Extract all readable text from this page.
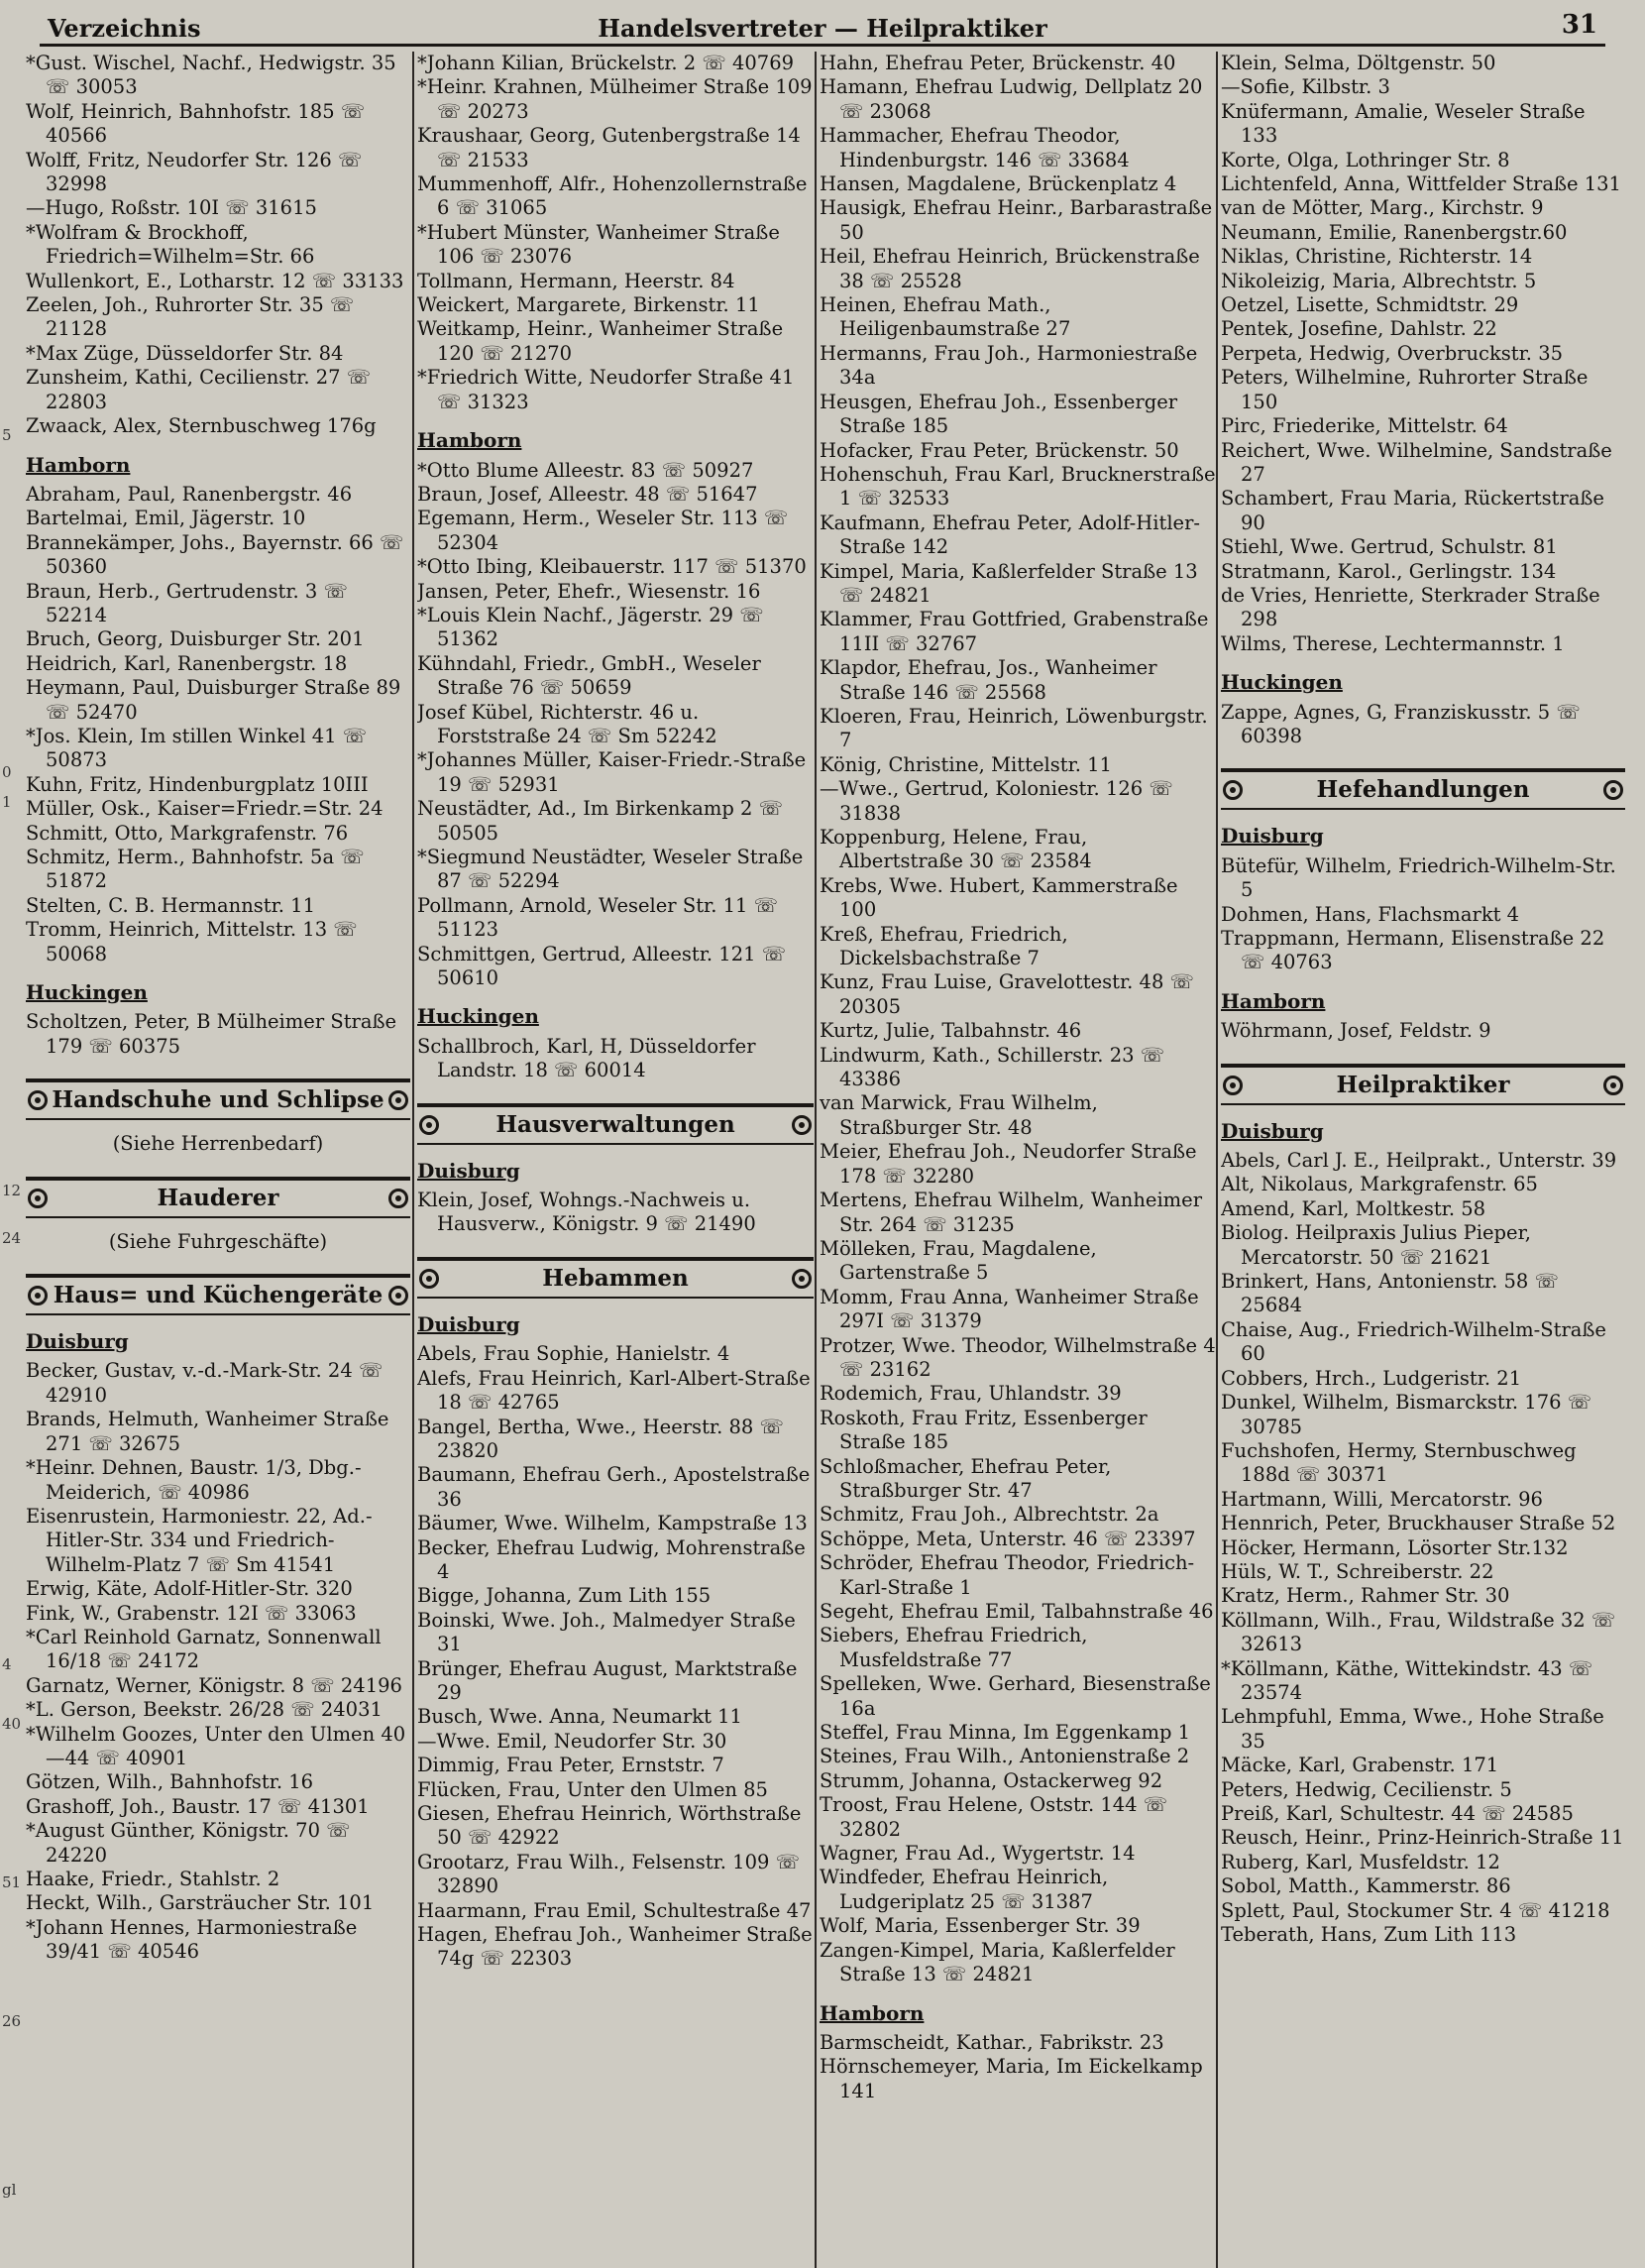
5
0
1
12
24
4
40
51
26
gl
Handelsvertreter — Heilpraktiker
Verzeichnis	31
*Gust. Wischel, Nachf., Hedwigstr. 35 ☏ 30053
Wolf, Heinrich, Bahnhofstr. 185 ☏ 40566
Wolff, Fritz, Neudorfer Str. 126 ☏ 32998
—Hugo, Roßstr. 10I ☏ 31615
*Wolfram & Brockhoff, Friedrich=Wilhelm=Str. 66
Wullenkort, E., Lotharstr. 12 ☏ 33133
Zeelen, Joh., Ruhrorter Str. 35 ☏ 21128
*Max Züge, Düsseldorfer Str. 84
Zunsheim, Kathi, Cecilienstr. 27 ☏ 22803
Zwaack, Alex, Sternbuschweg 176g
Hamborn
Abraham, Paul, Ranenbergstr. 46
Bartelmai, Emil, Jägerstr. 10
Brannekämper, Johs., Bayernstr. 66 ☏ 50360
Braun, Herb., Gertrudenstr. 3 ☏ 52214
Bruch, Georg, Duisburger Str. 201
Heidrich, Karl, Ranenbergstr. 18
Heymann, Paul, Duisburger Straße 89 ☏ 52470
*Jos. Klein, Im stillen Winkel 41 ☏ 50873
Kuhn, Fritz, Hindenburgplatz 10III
Müller, Osk., Kaiser=Friedr.=Str. 24
Schmitt, Otto, Markgrafenstr. 76
Schmitz, Herm., Bahnhofstr. 5a ☏ 51872
Stelten, C. B. Hermannstr. 11
Tromm, Heinrich, Mittelstr. 13 ☏ 50068
Huckingen
Scholtzen, Peter, B Mülheimer Straße 179 ☏ 60375
Handschuhe und Schlipse
(Siehe Herrenbedarf)
Hauderer
(Siehe Fuhrgeschäfte)
Haus= und Küchengeräte
Duisburg
Becker, Gustav, v.-d.-Mark-Str. 24 ☏ 42910
Brands, Helmuth, Wanheimer Straße 271 ☏ 32675
*Heinr. Dehnen, Baustr. 1/3, Dbg.-Meiderich, ☏ 40986
Eisenrustein, Harmoniestr. 22, Ad.-Hitler-Str. 334 und Friedrich-Wilhelm-Platz 7 ☏ Sm 41541
Erwig, Käte, Adolf-Hitler-Str. 320
Fink, W., Grabenstr. 12I ☏ 33063
*Carl Reinhold Garnatz, Sonnenwall 16/18 ☏ 24172
Garnatz, Werner, Königstr. 8 ☏ 24196
*L. Gerson, Beekstr. 26/28 ☏ 24031
*Wilhelm Goozes, Unter den Ulmen 40—44 ☏ 40901
Götzen, Wilh., Bahnhofstr. 16
Grashoff, Joh., Baustr. 17 ☏ 41301
*August Günther, Königstr. 70 ☏ 24220
Haake, Friedr., Stahlstr. 2
Heckt, Wilh., Garsträucher Str. 101
*Johann Hennes, Harmoniestraße 39/41 ☏ 40546
*Johann Kilian, Brückelstr. 2 ☏ 40769
*Heinr. Krahnen, Mülheimer Straße 109 ☏ 20273
Kraushaar, Georg, Gutenbergstraße 14 ☏ 21533
Mummenhoff, Alfr., Hohenzollernstraße 6 ☏ 31065
*Hubert Münster, Wanheimer Straße 106 ☏ 23076
Tollmann, Hermann, Heerstr. 84
Weickert, Margarete, Birkenstr. 11
Weitkamp, Heinr., Wanheimer Straße 120 ☏ 21270
*Friedrich Witte, Neudorfer Straße 41 ☏ 31323
Hamborn
*Otto Blume Alleestr. 83 ☏ 50927
Braun, Josef, Alleestr. 48 ☏ 51647
Egemann, Herm., Weseler Str. 113 ☏ 52304
*Otto Ibing, Kleibauerstr. 117 ☏ 51370
Jansen, Peter, Ehefr., Wiesenstr. 16
*Louis Klein Nachf., Jägerstr. 29 ☏ 51362
Kühndahl, Friedr., GmbH., Weseler Straße 76 ☏ 50659
Josef Kübel, Richterstr. 46 u. Forststraße 24 ☏ Sm 52242
*Johannes Müller, Kaiser-Friedr.-Straße 19 ☏ 52931
Neustädter, Ad., Im Birkenkamp 2 ☏ 50505
*Siegmund Neustädter, Weseler Straße 87 ☏ 52294
Pollmann, Arnold, Weseler Str. 11 ☏ 51123
Schmittgen, Gertrud, Alleestr. 121 ☏ 50610
Huckingen
Schallbroch, Karl, H, Düsseldorfer Landstr. 18 ☏ 60014
Hausverwaltungen
Duisburg
Klein, Josef, Wohngs.-Nachweis u. Hausverw., Königstr. 9 ☏ 21490
Hebammen
Duisburg
Abels, Frau Sophie, Hanielstr. 4
Alefs, Frau Heinrich, Karl-Albert-Straße 18 ☏ 42765
Bangel, Bertha, Wwe., Heerstr. 88 ☏ 23820
Baumann, Ehefrau Gerh., Apostelstraße 36
Bäumer, Wwe. Wilhelm, Kampstraße 13
Becker, Ehefrau Ludwig, Mohrenstraße 4
Bigge, Johanna, Zum Lith 155
Boinski, Wwe. Joh., Malmedyer Straße 31
Brünger, Ehefrau August, Marktstraße 29
Busch, Wwe. Anna, Neumarkt 11
—Wwe. Emil, Neudorfer Str. 30
Dimmig, Frau Peter, Ernststr. 7
Flücken, Frau, Unter den Ulmen 85
Giesen, Ehefrau Heinrich, Wörthstraße 50 ☏ 42922
Grootarz, Frau Wilh., Felsenstr. 109 ☏ 32890
Haarmann, Frau Emil, Schultestraße 47
Hagen, Ehefrau Joh., Wanheimer Straße 74g ☏ 22303
Hahn, Ehefrau Peter, Brückenstr. 40
Hamann, Ehefrau Ludwig, Dellplatz 20 ☏ 23068
Hammacher, Ehefrau Theodor, Hindenburgstr. 146 ☏ 33684
Hansen, Magdalene, Brückenplatz 4
Hausigk, Ehefrau Heinr., Barbarastraße 50
Heil, Ehefrau Heinrich, Brückenstraße 38 ☏ 25528
Heinen, Ehefrau Math., Heiligenbaumstraße 27
Hermanns, Frau Joh., Harmoniestraße 34a
Heusgen, Ehefrau Joh., Essenberger Straße 185
Hofacker, Frau Peter, Brückenstr. 50
Hohenschuh, Frau Karl, Brucknerstraße 1 ☏ 32533
Kaufmann, Ehefrau Peter, Adolf-Hitler-Straße 142
Kimpel, Maria, Kaßlerfelder Straße 13 ☏ 24821
Klammer, Frau Gottfried, Grabenstraße 11II ☏ 32767
Klapdor, Ehefrau, Jos., Wanheimer Straße 146 ☏ 25568
Kloeren, Frau, Heinrich, Löwenburgstr. 7
König, Christine, Mittelstr. 11
—Wwe., Gertrud, Koloniestr. 126 ☏ 31838
Koppenburg, Helene, Frau, Albertstraße 30 ☏ 23584
Krebs, Wwe. Hubert, Kammerstraße 100
Kreß, Ehefrau, Friedrich, Dickelsbachstraße 7
Kunz, Frau Luise, Gravelottestr. 48 ☏ 20305
Kurtz, Julie, Talbahnstr. 46
Lindwurm, Kath., Schillerstr. 23 ☏ 43386
van Marwick, Frau Wilhelm, Straßburger Str. 48
Meier, Ehefrau Joh., Neudorfer Straße 178 ☏ 32280
Mertens, Ehefrau Wilhelm, Wanheimer Str. 264 ☏ 31235
Mölleken, Frau, Magdalene, Gartenstraße 5
Momm, Frau Anna, Wanheimer Straße 297I ☏ 31379
Protzer, Wwe. Theodor, Wilhelmstraße 4 ☏ 23162
Rodemich, Frau, Uhlandstr. 39
Roskoth, Frau Fritz, Essenberger Straße 185
Schloßmacher, Ehefrau Peter, Straßburger Str. 47
Schmitz, Frau Joh., Albrechtstr. 2a
Schöppe, Meta, Unterstr. 46 ☏ 23397
Schröder, Ehefrau Theodor, Friedrich-Karl-Straße 1
Segeht, Ehefrau Emil, Talbahnstraße 46
Siebers, Ehefrau Friedrich, Musfeldstraße 77
Spelleken, Wwe. Gerhard, Biesenstraße 16a
Steffel, Frau Minna, Im Eggenkamp 1
Steines, Frau Wilh., Antonienstraße 2
Strumm, Johanna, Ostackerweg 92
Troost, Frau Helene, Oststr. 144 ☏ 32802
Wagner, Frau Ad., Wygertstr. 14
Windfeder, Ehefrau Heinrich, Ludgeriplatz 25 ☏ 31387
Wolf, Maria, Essenberger Str. 39
Zangen-Kimpel, Maria, Kaßlerfelder Straße 13 ☏ 24821
Hamborn
Barmscheidt, Kathar., Fabrikstr. 23
Hörnschemeyer, Maria, Im Eickelkamp 141
Klein, Selma, Döltgenstr. 50
—Sofie, Kilbstr. 3
Knüfermann, Amalie, Weseler Straße 133
Korte, Olga, Lothringer Str. 8
Lichtenfeld, Anna, Wittfelder Straße 131
van de Mötter, Marg., Kirchstr. 9
Neumann, Emilie, Ranenbergstr.60
Niklas, Christine, Richterstr. 14
Nikoleizig, Maria, Albrechtstr. 5
Oetzel, Lisette, Schmidtstr. 29
Pentek, Josefine, Dahlstr. 22
Perpeta, Hedwig, Overbruckstr. 35
Peters, Wilhelmine, Ruhrorter Straße 150
Pirc, Friederike, Mittelstr. 64
Reichert, Wwe. Wilhelmine, Sandstraße 27
Schambert, Frau Maria, Rückertstraße 90
Stiehl, Wwe. Gertrud, Schulstr. 81
Stratmann, Karol., Gerlingstr. 134
de Vries, Henriette, Sterkrader Straße 298
Wilms, Therese, Lechtermannstr. 1
Huckingen
Zappe, Agnes, G, Franziskusstr. 5 ☏ 60398
Hefehandlungen
Duisburg
Bütefür, Wilhelm, Friedrich-Wilhelm-Str. 5
Dohmen, Hans, Flachsmarkt 4
Trappmann, Hermann, Elisenstraße 22 ☏ 40763
Hamborn
Wöhrmann, Josef, Feldstr. 9
Heilpraktiker
Duisburg
Abels, Carl J. E., Heilprakt., Unterstr. 39
Alt, Nikolaus, Markgrafenstr. 65
Amend, Karl, Moltkestr. 58
Biolog. Heilpraxis Julius Pieper, Mercatorstr. 50 ☏ 21621
Brinkert, Hans, Antonienstr. 58 ☏ 25684
Chaise, Aug., Friedrich-Wilhelm-Straße 60
Cobbers, Hrch., Ludgeristr. 21
Dunkel, Wilhelm, Bismarckstr. 176 ☏ 30785
Fuchshofen, Hermy, Sternbuschweg 188d ☏ 30371
Hartmann, Willi, Mercatorstr. 96
Hennrich, Peter, Bruckhauser Straße 52
Höcker, Hermann, Lösorter Str.132
Hüls, W. T., Schreiberstr. 22
Kratz, Herm., Rahmer Str. 30
Köllmann, Wilh., Frau, Wildstraße 32 ☏ 32613
*Köllmann, Käthe, Wittekindstr. 43 ☏ 23574
Lehmpfuhl, Emma, Wwe., Hohe Straße 35
Mäcke, Karl, Grabenstr. 171
Peters, Hedwig, Cecilienstr. 5
Preiß, Karl, Schultestr. 44 ☏ 24585
Reusch, Heinr., Prinz-Heinrich-Straße 11
Ruberg, Karl, Musfeldstr. 12
Sobol, Matth., Kammerstr. 86
Splett, Paul, Stockumer Str. 4 ☏ 41218
Teberath, Hans, Zum Lith 113
